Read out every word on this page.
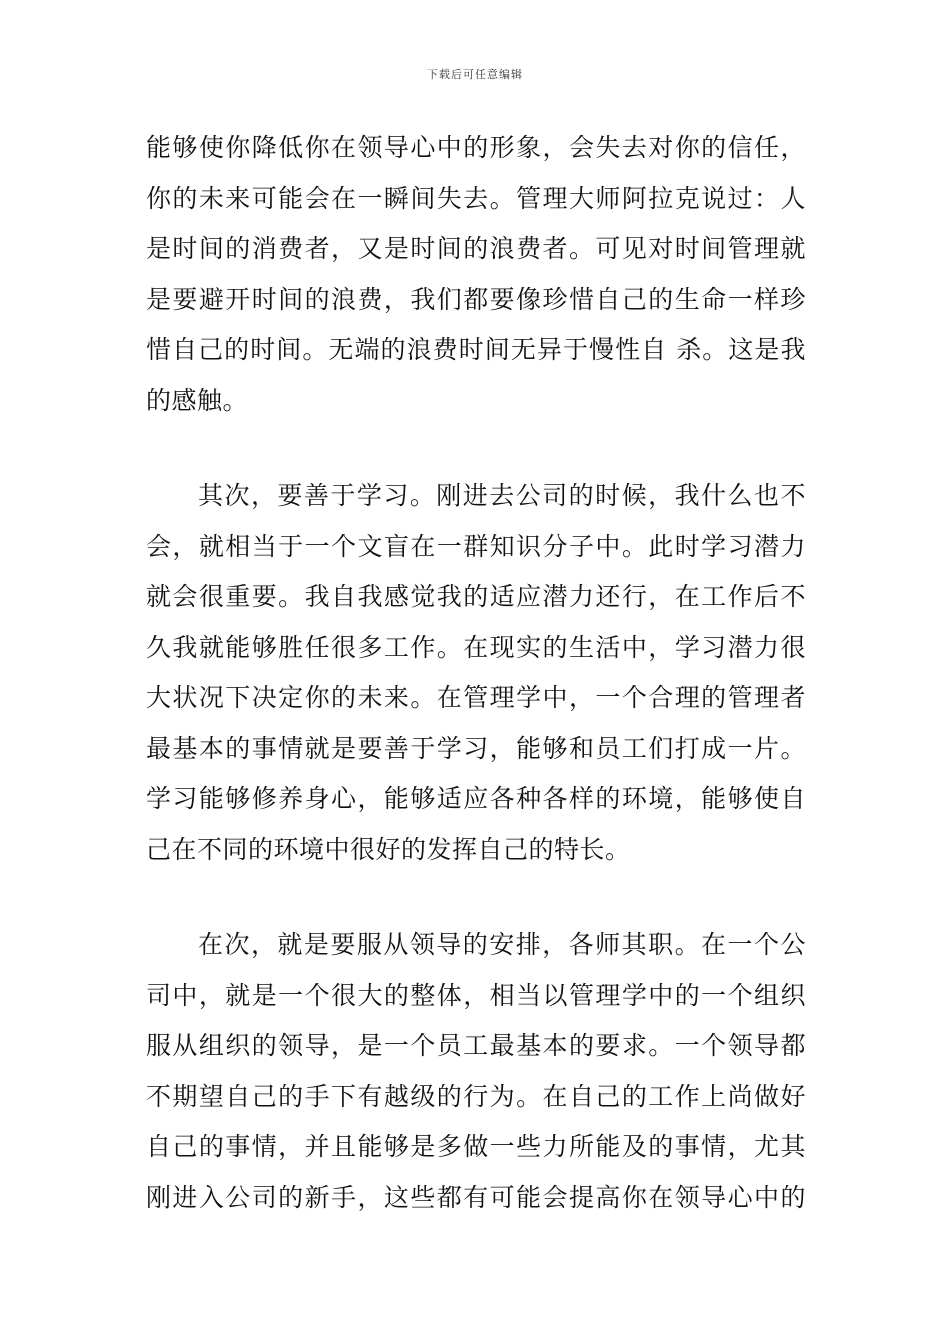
下载后可任意编辑
能够使你降低你在领导心中的形象，会失去对你的信任，
你的未来可能会在一瞬间失去。管理大师阿拉克说过：人
是时间的消费者，又是时间的浪费者。可见对时间管理就
是要避开时间的浪费，我们都要像珍惜自己的生命一样珍
惜自己的时间。无端的浪费时间无异于慢性自 杀。这是我
的感触。
其次，要善于学习。刚进去公司的时候，我什么也不
会，就相当于一个文盲在一群知识分子中。此时学习潜力
就会很重要。我自我感觉我的适应潜力还行，在工作后不
久我就能够胜任很多工作。在现实的生活中，学习潜力很
大状况下决定你的未来。在管理学中，一个合理的管理者
最基本的事情就是要善于学习，能够和员工们打成一片。
学习能够修养身心，能够适应各种各样的环境，能够使自
己在不同的环境中很好的发挥自己的特长。
在次，就是要服从领导的安排，各师其职。在一个公
司中，就是一个很大的整体，相当以管理学中的一个组织
服从组织的领导，是一个员工最基本的要求。一个领导都
不期望自己的手下有越级的行为。在自己的工作上尚做好
自己的事情，并且能够是多做一些力所能及的事情，尤其
刚进入公司的新手，这些都有可能会提高你在领导心中的
